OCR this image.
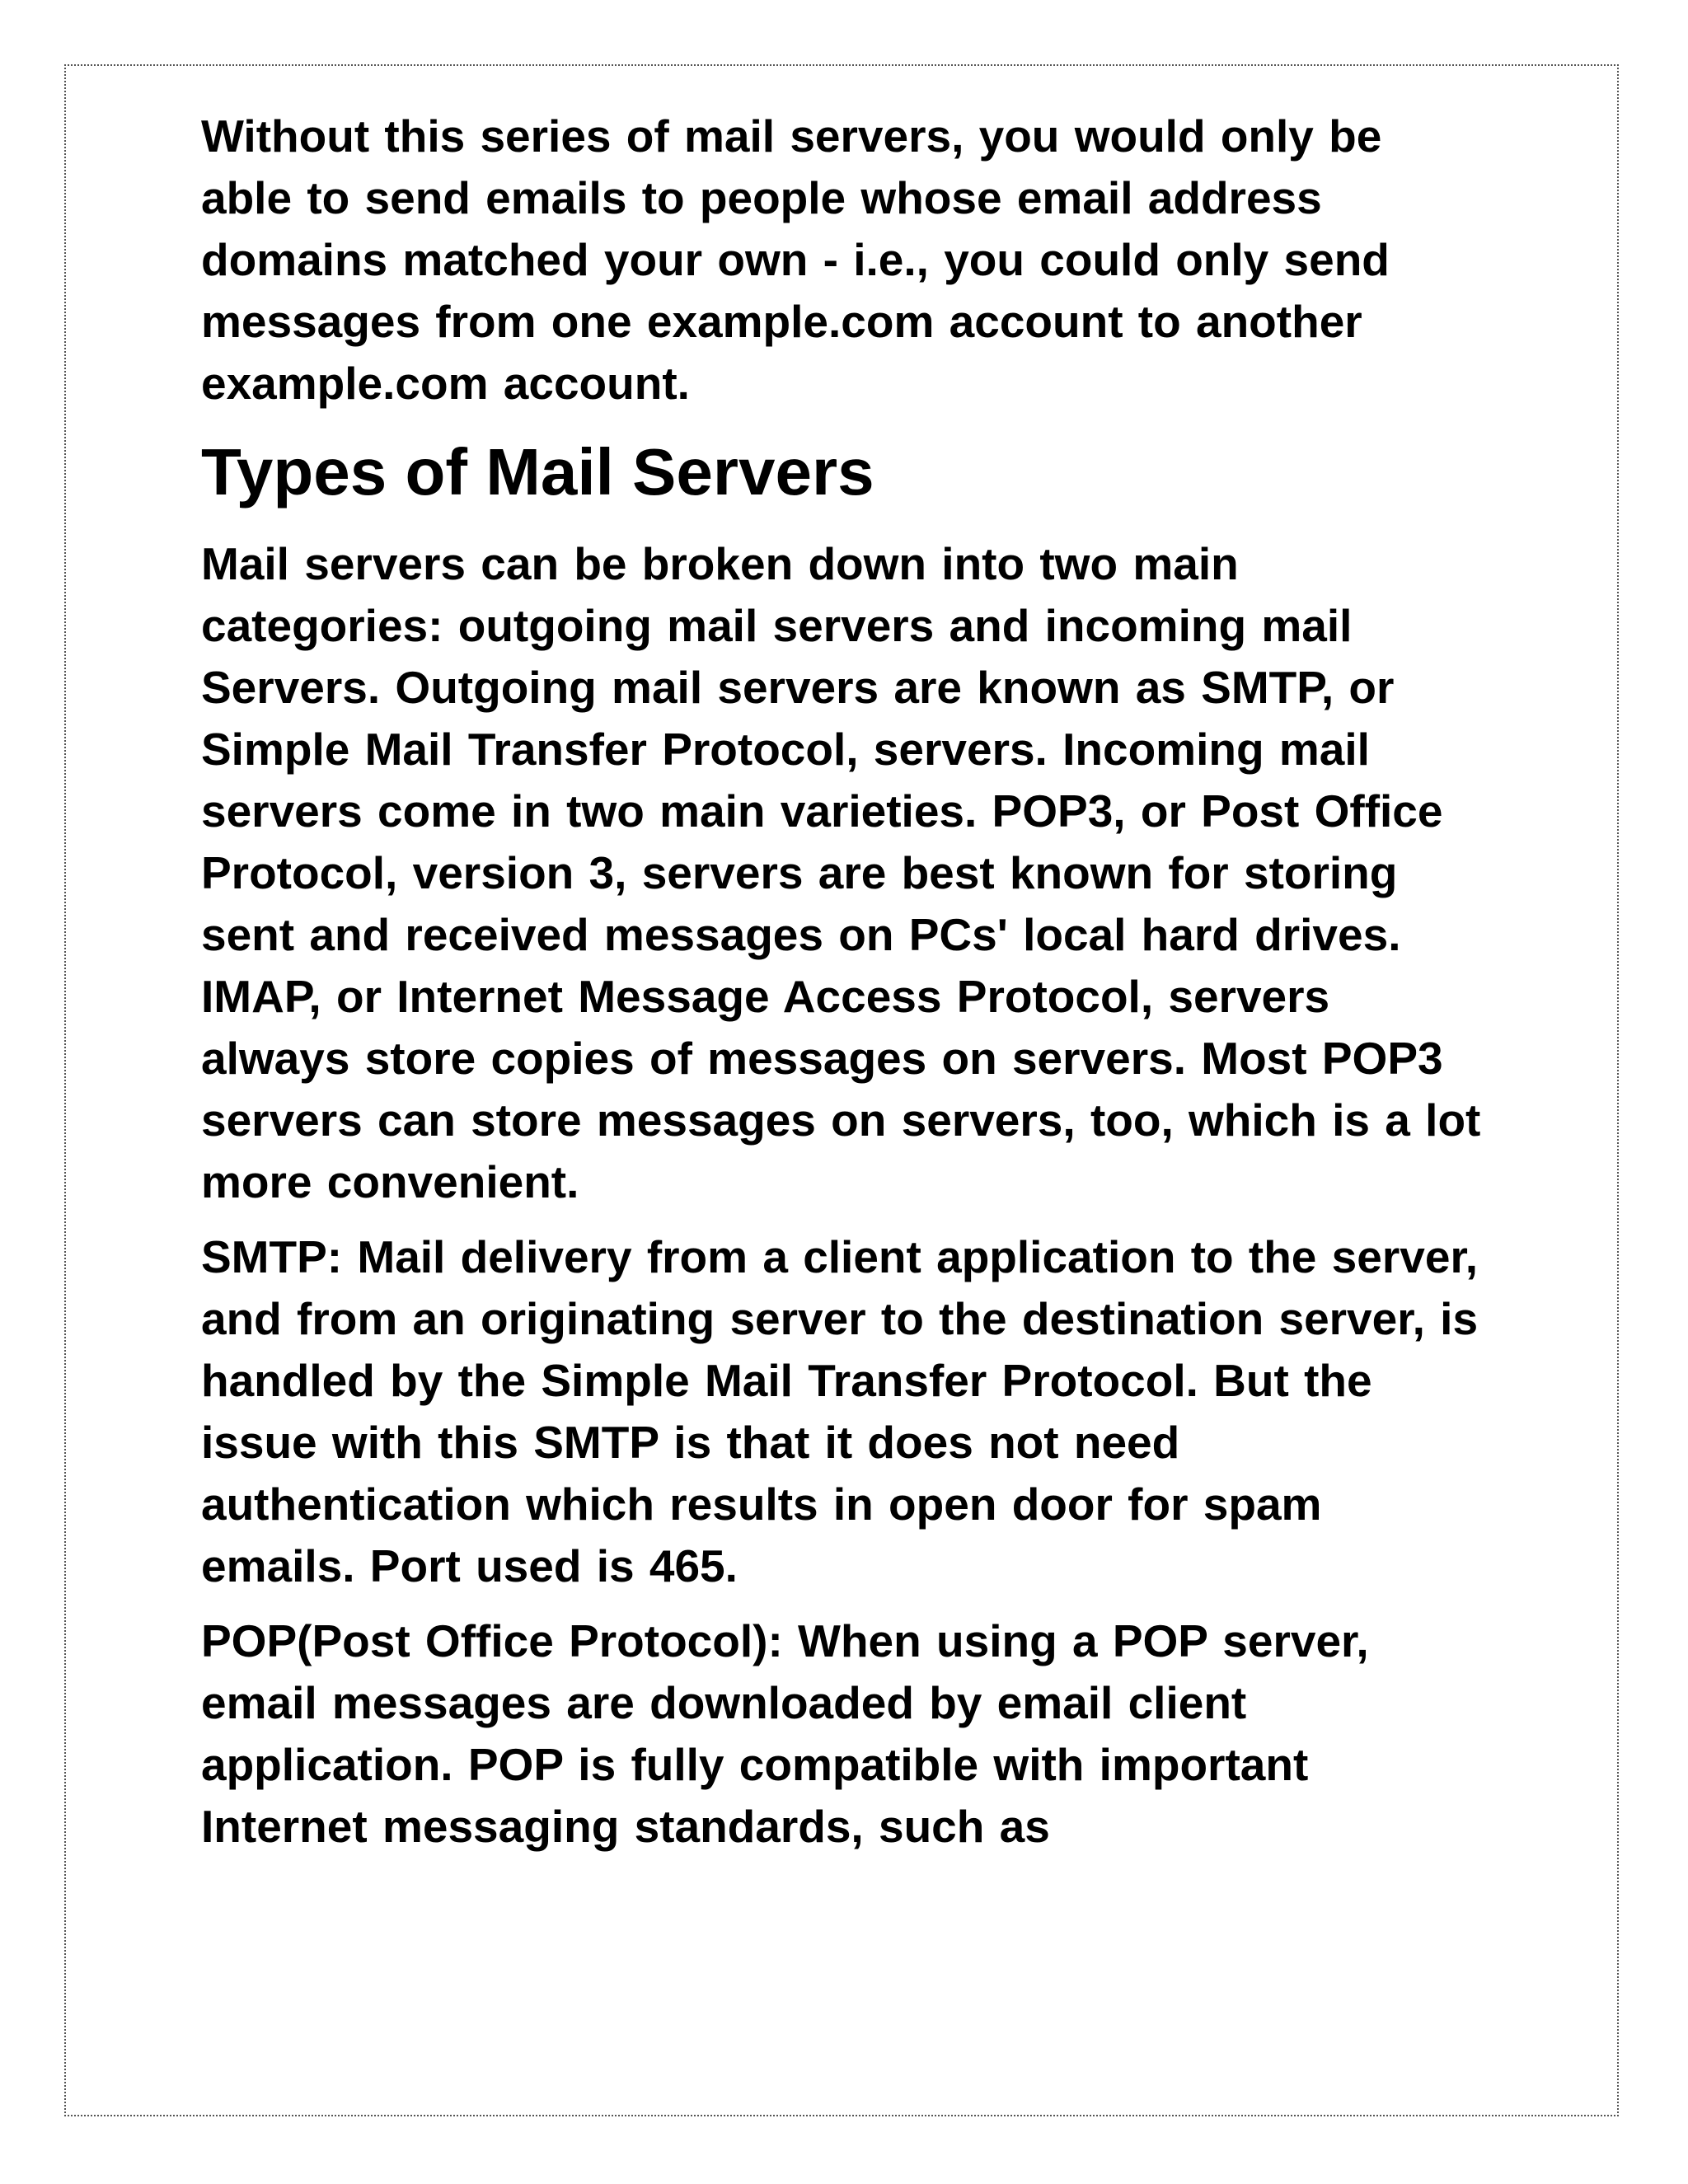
Without this series of mail servers, you would only be able to send emails to people whose email address domains matched your own - i.e., you could only send messages from one example.com account to another example.com account.

Types of Mail Servers

Mail servers can be broken down into two main categories: outgoing mail servers and incoming mail Servers. Outgoing mail servers are known as SMTP, or Simple Mail Transfer Protocol, servers. Incoming mail servers come in two main varieties. POP3, or Post Office Protocol, version 3, servers are best known for storing sent and received messages on PCs' local hard drives. IMAP, or Internet Message Access Protocol, servers always store copies of messages on servers. Most POP3 servers can store messages on servers, too, which is a lot more convenient.

SMTP: Mail delivery from a client application to the server, and from an originating server to the destination server, is handled by the Simple Mail Transfer Protocol. But the issue with this SMTP is that it does not need authentication which results in open door for spam emails. Port used is 465.

POP(Post Office Protocol): When using a POP server, email messages are downloaded by email client application. POP is fully compatible with important Internet messaging standards, such as
